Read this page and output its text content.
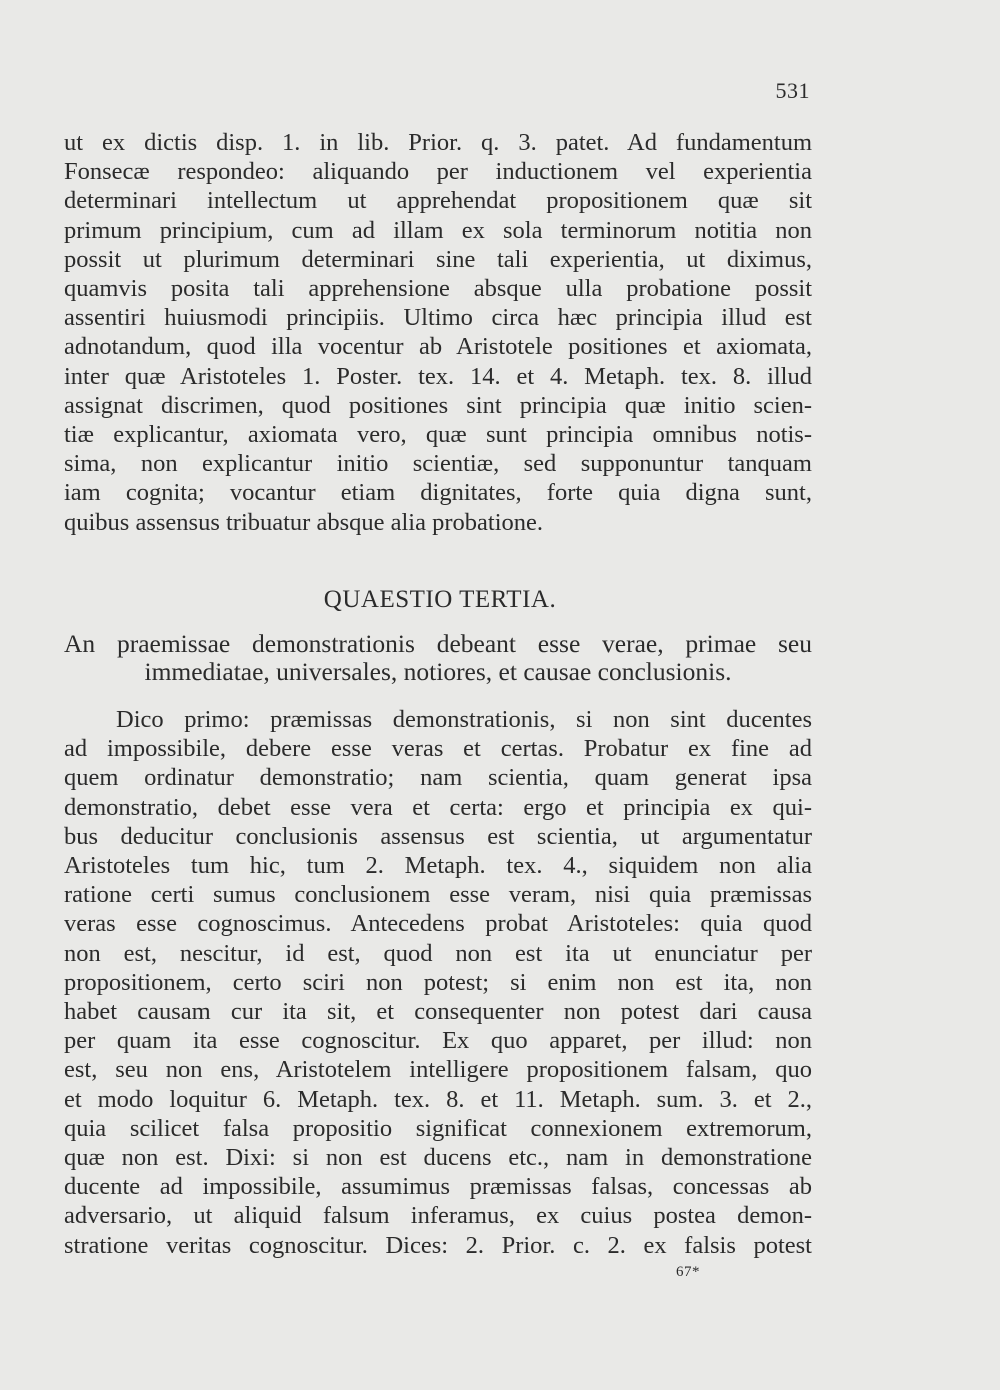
531
ut ex dictis disp. 1. in lib. Prior. q. 3. patet. Ad fundamentum
Fonsecæ respondeo: aliquando per inductionem vel experientia
determinari intellectum ut apprehendat propositionem quæ sit
primum principium, cum ad illam ex sola terminorum notitia non
possit ut plurimum determinari sine tali experientia, ut diximus,
quamvis posita tali apprehensione absque ulla probatione possit
assentiri huiusmodi principiis. Ultimo circa hæc principia illud est
adnotandum, quod illa vocentur ab Aristotele positiones et axiomata,
inter quæ Aristoteles 1. Poster. tex. 14. et 4. Metaph. tex. 8. illud
assignat discrimen, quod positiones sint principia quæ initio scien-
tiæ explicantur, axiomata vero, quæ sunt principia omnibus notis-
sima, non explicantur initio scientiæ, sed supponuntur tanquam
iam cognita; vocantur etiam dignitates, forte quia digna sunt,
quibus assensus tribuatur absque alia probatione.
QUAESTIO TERTIA.
An praemissae demonstrationis debeant esse verae, primae seu
immediatae, universales, notiores, et causae conclusionis.
Dico primo: præmissas demonstrationis, si non sint ducentes
ad impossibile, debere esse veras et certas. Probatur ex fine ad
quem ordinatur demonstratio; nam scientia, quam generat ipsa
demonstratio, debet esse vera et certa: ergo et principia ex qui-
bus deducitur conclusionis assensus est scientia, ut argumentatur
Aristoteles tum hic, tum 2. Metaph. tex. 4., siquidem non alia
ratione certi sumus conclusionem esse veram, nisi quia præmissas
veras esse cognoscimus. Antecedens probat Aristoteles: quia quod
non est, nescitur, id est, quod non est ita ut enunciatur per
propositionem, certo sciri non potest; si enim non est ita, non
habet causam cur ita sit, et consequenter non potest dari causa
per quam ita esse cognoscitur. Ex quo apparet, per illud: non
est, seu non ens, Aristotelem intelligere propositionem falsam, quo
et modo loquitur 6. Metaph. tex. 8. et 11. Metaph. sum. 3. et 2.,
quia scilicet falsa propositio significat connexionem extremorum,
quæ non est. Dixi: si non est ducens etc., nam in demonstratione
ducente ad impossibile, assumimus præmissas falsas, concessas ab
adversario, ut aliquid falsum inferamus, ex cuius postea demon-
stratione veritas cognoscitur. Dices: 2. Prior. c. 2. ex falsis potest
67*
